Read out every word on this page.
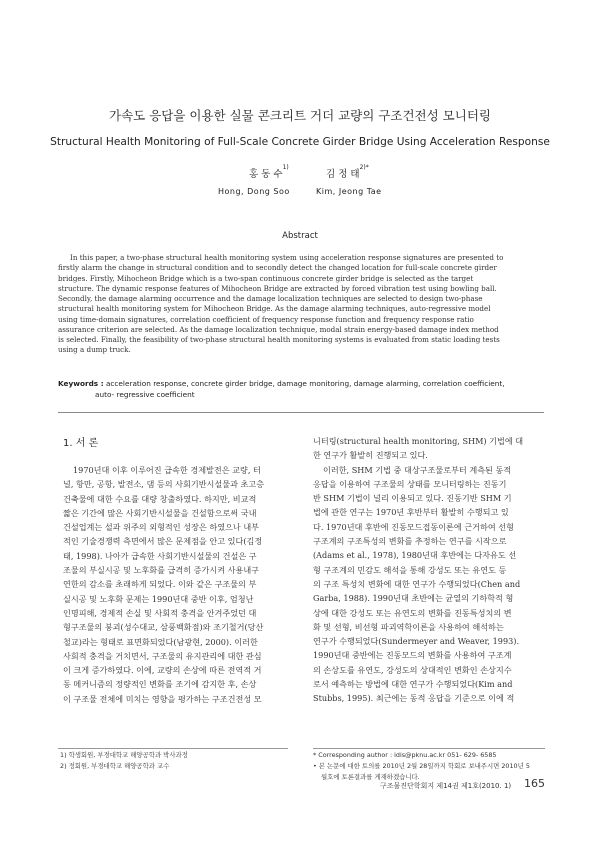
가속도 응답을 이용한 실물 콘크리트 거더 교량의 구조건전성 모니터링
Structural Health Monitoring of Full-Scale Concrete Girder Bridge Using Acceleration Response
홍 동 수$^{1)}$
김 정 태$^{2)*}$
Hong, Dong Soo	Kim, Jeong Tae
Abstract
In this paper, a two-phase structural health monitoring system using acceleration response signatures are presented to
firstly alarm the change in structural condition and to secondly detect the changed location for full-scale concrete girder
bridges. Firstly, Mihocheon Bridge which is a two-span continuous concrete girder bridge is selected as the target
structure. The dynamic response features of Mihocheon Bridge are extracted by forced vibration test using bowling ball.
Secondly, the damage alarming occurrence and the damage localization techniques are selected to design two-phase
structural health monitoring system for Mihocheon Bridge. As the damage alarming techniques, auto-regressive model
using time-domain signatures, correlation coefficient of frequency response function and frequency response ratio
assurance criterion are selected. As the damage localization technique, modal strain energy-based damage index method
is selected. Finally, the feasibility of two-phase structural health monitoring systems is evaluated from static loading tests
using a dump truck.
Keywords : acceleration response, concrete girder bridge, damage monitoring, damage alarming, correlation coefficient,
auto- regressive coefficient
1. 서 론
1970년대 이후 이루어진 급속한 경제발전은 교량, 터
널, 항만, 공항, 발전소, 댐 등의 사회기반시설물과 초고층
건축물에 대한 수요를 대량 창출하였다. 하지만, 비교적
짧은 기간에 많은 사회기반시설물을 건설함으로써 국내
건설업계는 설과 위주의 외형적인 성장은 하였으나 내부
적인 기술경쟁력 측면에서 많은 문제점을 안고 있다(김정
태, 1998). 나아가 급속한 사회기반시설물의 건설은 구
조물의 부실시공 및 노후화를 급격히 증가시켜 사용내구
연한의 감소를 초래하게 되었다. 이와 같은 구조물의 부
실시공 및 노후화 문제는 1990년대 중반 이후, 엄청난
인명피해, 경제적 손실 및 사회적 충격을 안겨주었던 대
형구조물의 붕괴(성수대교, 삼풍백화점)와 조기철거(당산
철교)라는 형태로 표면화되었다(남광현, 2000). 이러한
사회적 충격을 거치면서, 구조물의 유지관리에 대한 관심
이 크게 증가하였다. 이에, 교량의 손상에 따른 전역적 거
동 메커니즘의 정량적인 변화를 조기에 감지한 후, 손상
이 구조물 전체에 미치는 영향을 평가하는 구조건전성 모
니터링(structural health monitoring, SHM) 기법에 대
한 연구가 활발히 진행되고 있다.
이러한, SHM 기법 중 대상구조물로부터 계측된 동적
응답을 이용하여 구조물의 상태를 모니터링하는 진동기
반 SHM 기법이 널리 이용되고 있다. 진동기반 SHM 기
법에 관한 연구는 1970년 후반부터 활발히 수행되고 있
다. 1970년대 후반에 진동모드접동이론에 근거하여 선형
구조계의 구조특성의 변화를 추정하는 연구를 시작으로
(Adams et al., 1978), 1980년대 후반에는 다자유도 선
형 구조계의 민감도 해석을 통해 강성도 또는 유연도 등
의 구조 특성치 변화에 대한 연구가 수행되었다(Chen and
Garba, 1988). 1990년대 초반에는 균열의 기하학적 형
상에 대한 강성도 또는 유연도의 변화를 진동특성치의 변
화 및 선형, 비선형 파괴역학이론을 사용하여 해석하는
연구가 수행되었다(Sundermeyer and Weaver, 1993).
1990년대 중반에는 진동모드의 변화를 사용하여 구조계
의 손상도를 유연도, 강성도의 상대적인 변화인 손상지수
로서 예측하는 방법에 대한 연구가 수행되었다(Kim and
Stubbs, 1995). 최근에는 동적 응답을 기준으로 이에 적
1) 학생회원, 부경대학교 해양공학과 박사과정
2) 정회원, 부경대학교 해양공학과 교수
* Corresponding author : idis@pknu.ac.kr 051- 629- 6585
• 본 논문에 대한 토의를 2010년 2월 28일까지 학회로 보내주시면 2010년 5
월호에 토론결과를 게재하겠습니다.
구조물진단학회지 제14권 제1호(2010. 1) 165
